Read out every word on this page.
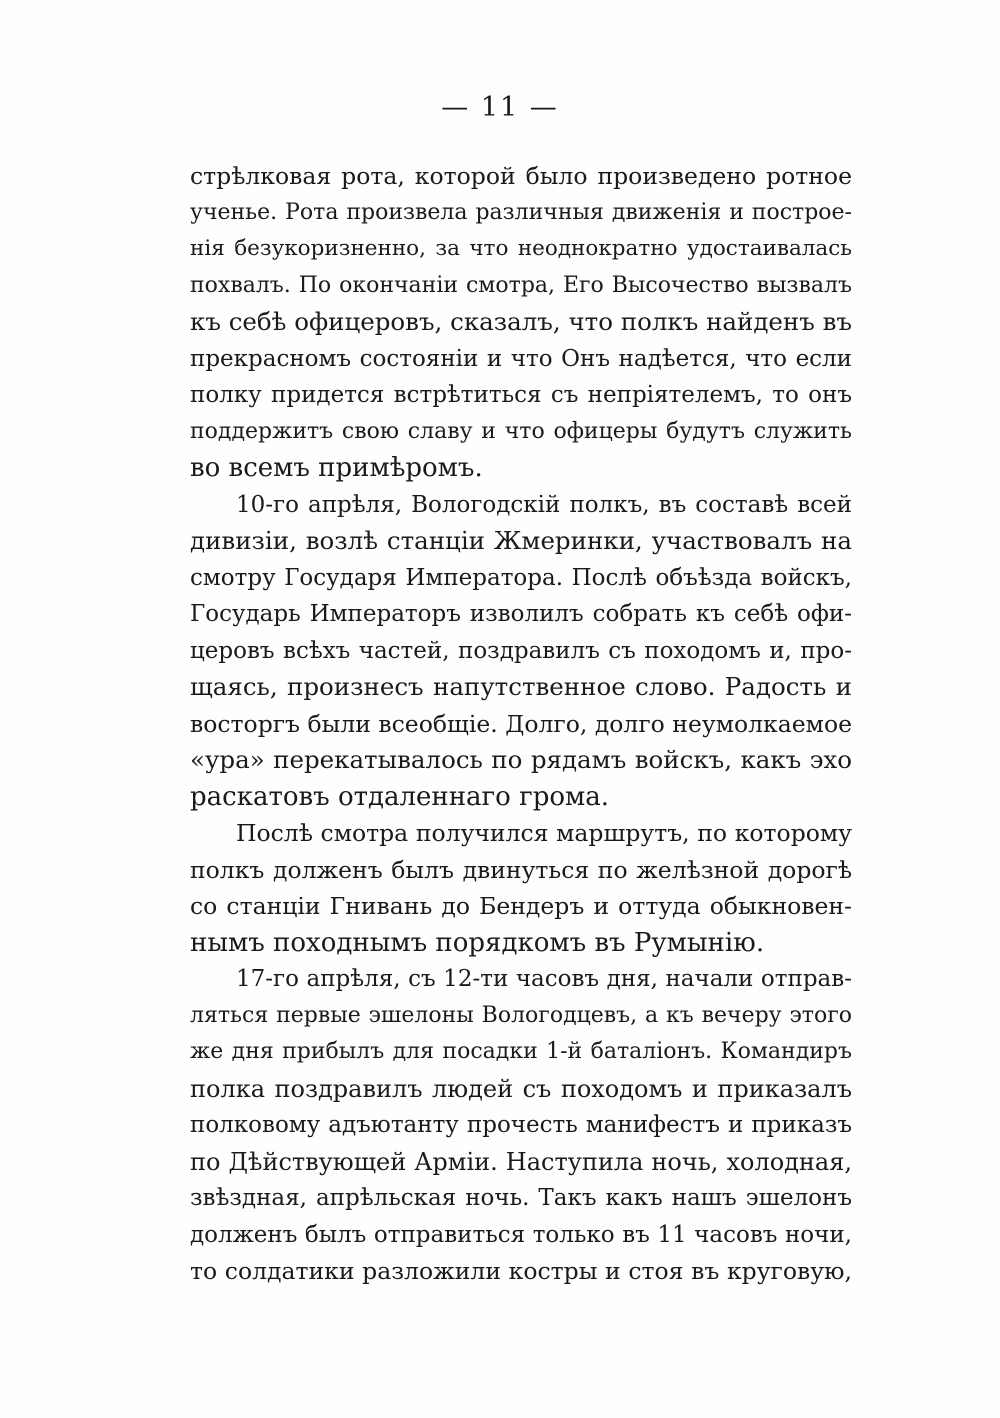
— 11 —
стрѣлковая рота, которой было произведено ротное
ученье. Рота произвела различныя движенія и построе-
нія безукоризненно, за что неоднократно удостаивалась
похвалъ. По окончаніи смотра, Его Высочество вызвалъ
къ себѣ офицеровъ, сказалъ, что полкъ найденъ въ
прекрасномъ состояніи и что Онъ надѣется, что если
полку придется встрѣтиться съ непріятелемъ, то онъ
поддержитъ свою славу и что офицеры будутъ служить
во всемъ примѣромъ.
10-го апрѣля, Вологодскій полкъ, въ составѣ всей
дивизіи, возлѣ станціи Жмеринки, участвовалъ на
смотру Государя Императора. Послѣ объѣзда войскъ,
Государь Императоръ изволилъ собрать къ себѣ офи-
церовъ всѣхъ частей, поздравилъ съ походомъ и, про-
щаясь, произнесъ напутственное слово. Радость и
восторгъ были всеобщіе. Долго, долго неумолкаемое
«ура» перекатывалось по рядамъ войскъ, какъ эхо
раскатовъ отдаленнаго грома.
Послѣ смотра получился маршрутъ, по которому
полкъ долженъ былъ двинуться по желѣзной дорогѣ
со станціи Гнивань до Бендеръ и оттуда обыкновен-
нымъ походнымъ порядкомъ въ Румынію.
17-го апрѣля, съ 12-ти часовъ дня, начали отправ-
ляться первые эшелоны Вологодцевъ, а къ вечеру этого
же дня прибылъ для посадки 1-й баталіонъ. Командиръ
полка поздравилъ людей съ походомъ и приказалъ
полковому адъютанту прочесть манифестъ и приказъ
по Дѣйствующей Арміи. Наступила ночь, холодная,
звѣздная, апрѣльская ночь. Такъ какъ нашъ эшелонъ
долженъ былъ отправиться только въ 11 часовъ ночи,
то солдатики разложили костры и стоя въ круговую,
